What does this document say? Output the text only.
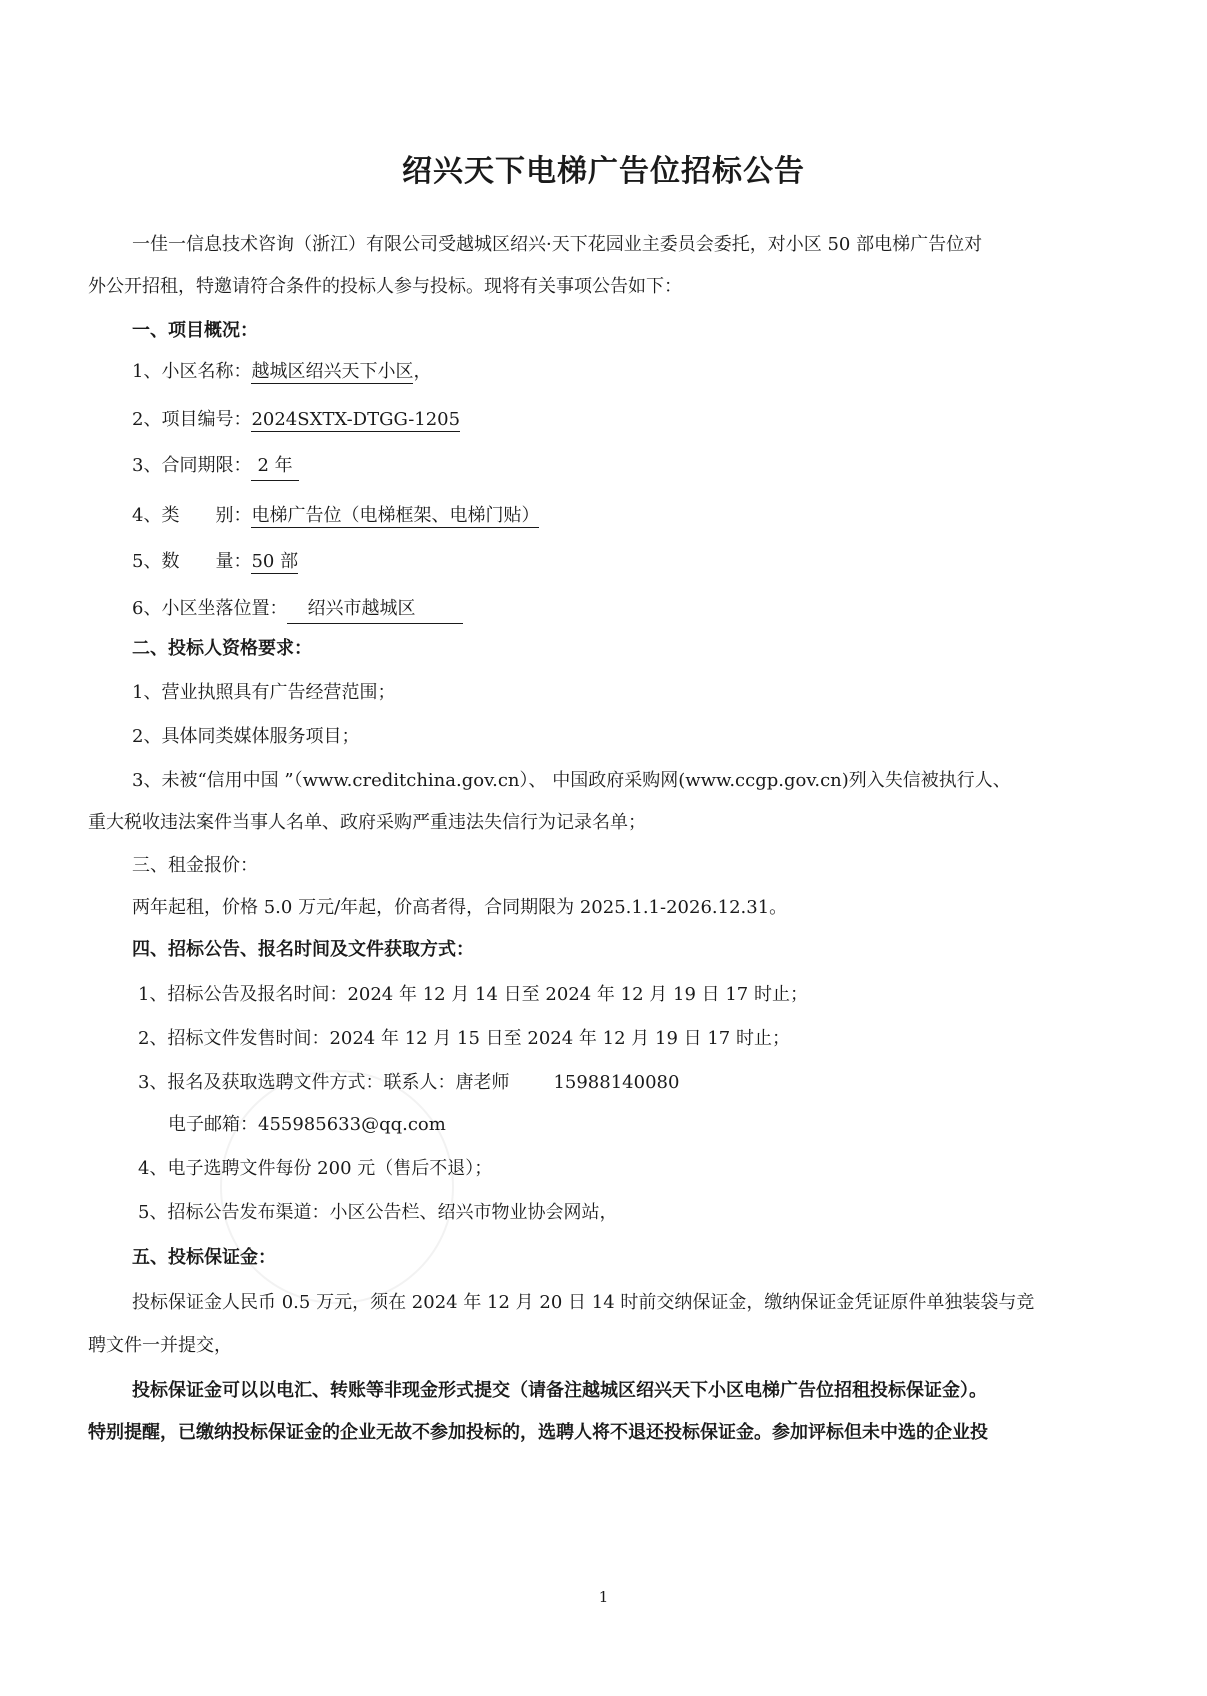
绍兴天下电梯广告位招标公告
一佳一信息技术咨询（浙江）有限公司受越城区绍兴·天下花园业主委员会委托，对小区 50 部电梯广告位对
外公开招租，特邀请符合条件的投标人参与投标。现将有关事项公告如下：
一、项目概况：
1、小区名称：越城区绍兴天下小区，
2、项目编号：2024SXTX-DTGG-1205
3、合同期限： 2 年
4、类　　别：电梯广告位（电梯框架、电梯门贴）
5、数　　量：50 部
6、小区坐落位置： 绍兴市越城区
二、投标人资格要求：
1、营业执照具有广告经营范围；
2、具体同类媒体服务项目；
3、未被“信用中国 ”（www.creditchina.gov.cn）、 中国政府采购网(www.ccgp.gov.cn)列入失信被执行人、
重大税收违法案件当事人名单、政府采购严重违法失信行为记录名单；
三、租金报价：
两年起租，价格 5.0 万元/年起，价高者得，合同期限为 2025.1.1-2026.12.31。
四、招标公告、报名时间及文件获取方式：
1、招标公告及报名时间：2024 年 12 月 14 日至 2024 年 12 月 19 日 17 时止；
2、招标文件发售时间：2024 年 12 月 15 日至 2024 年 12 月 19 日 17 时止；
3、报名及获取选聘文件方式：联系人：唐老师 15988140080
电子邮箱：455985633@qq.com
4、电子选聘文件每份 200 元（售后不退）；
5、招标公告发布渠道：小区公告栏、绍兴市物业协会网站，
五、投标保证金：
投标保证金人民币 0.5 万元，须在 2024 年 12 月 20 日 14 时前交纳保证金，缴纳保证金凭证原件单独装袋与竞
聘文件一并提交，
投标保证金可以以电汇、转账等非现金形式提交（请备注越城区绍兴天下小区电梯广告位招租投标保证金）。
特别提醒，已缴纳投标保证金的企业无故不参加投标的，选聘人将不退还投标保证金。参加评标但未中选的企业投
1
